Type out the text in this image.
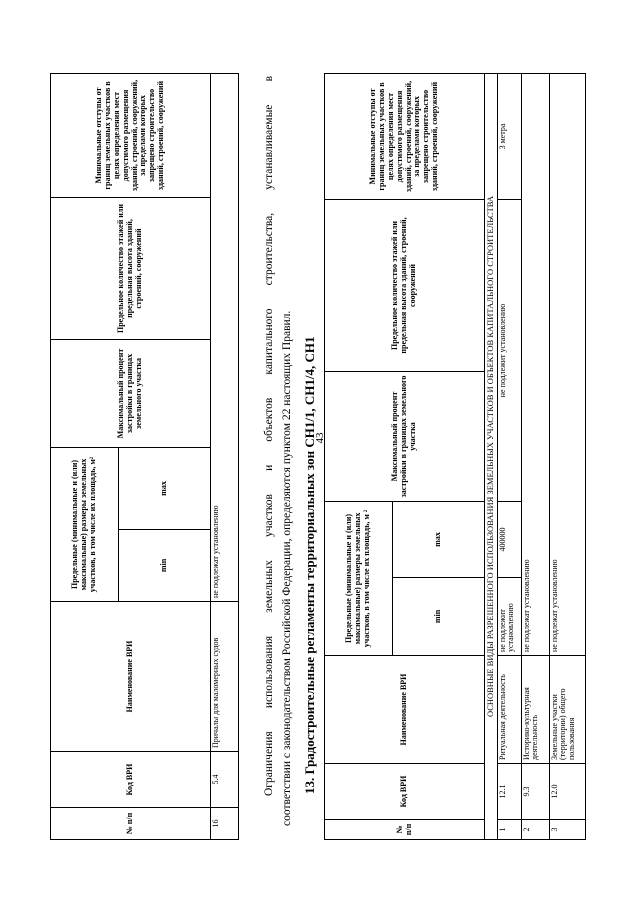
43
№ п/п	Код ВРИ	Наименование ВРИ	Предельные (минимальные и (или) максимальные) размеры земельных участков, в том числе их площадь, м²		Максимальный процент застройки в границах земельного участка	Предельное количество этажей или предельная высота зданий, строений, сооружений	Минимальные отступы от границ земельных участков в целях определения мест допустимого размещения зданий, строений, сооружений, за пределами которых запрещено строительство зданий, строений, сооружений
			min	max			
16	5.4	Причалы для маломерных судов	не подлежат установлению					Ограничения использования земельных участков и объектов капитального строительства, устанавливаемые в соответствии с законодательством Российской Федерации, определяются пунктом 22 настоящих Правил. 13. Градостроительные регламенты территориальных зон СН1/1, СН1/4, СН1
№ п/п	Код ВРИ	Наименование ВРИ	Предельные (минимальные и (или) максимальные) размеры земельных участков, в том числе их площадь, м ²		Максимальный процент застройки в границах земельного участка	Предельное количество этажей или предельная высота зданий, строений, сооружений	Минимальные отступы от границ земельных участков в целях определения мест допустимого размещения зданий, строений, сооружений, за пределами которых запрещено строительство зданий, строений, сооружений
			min	max			
ОСНОВНЫЕ ВИДЫ РАЗРЕШЕННОГО ИСПОЛЬЗОВАНИЯ ЗЕМЕЛЬНЫХ УЧАСТКОВ И ОБЪЕКТОВ КАПИТАЛЬНОГО СТРОИТЕЛЬСТВА							
1	12.1	Ритуальная деятельность	не подлежит установлению	400000	не подлежит установлению		3 метра
2	9.3	Историко-культурная деятельность	не подлежат установлению				
3	12.0	Земельные участки (территории) общего пользования	не подлежат установлению				
